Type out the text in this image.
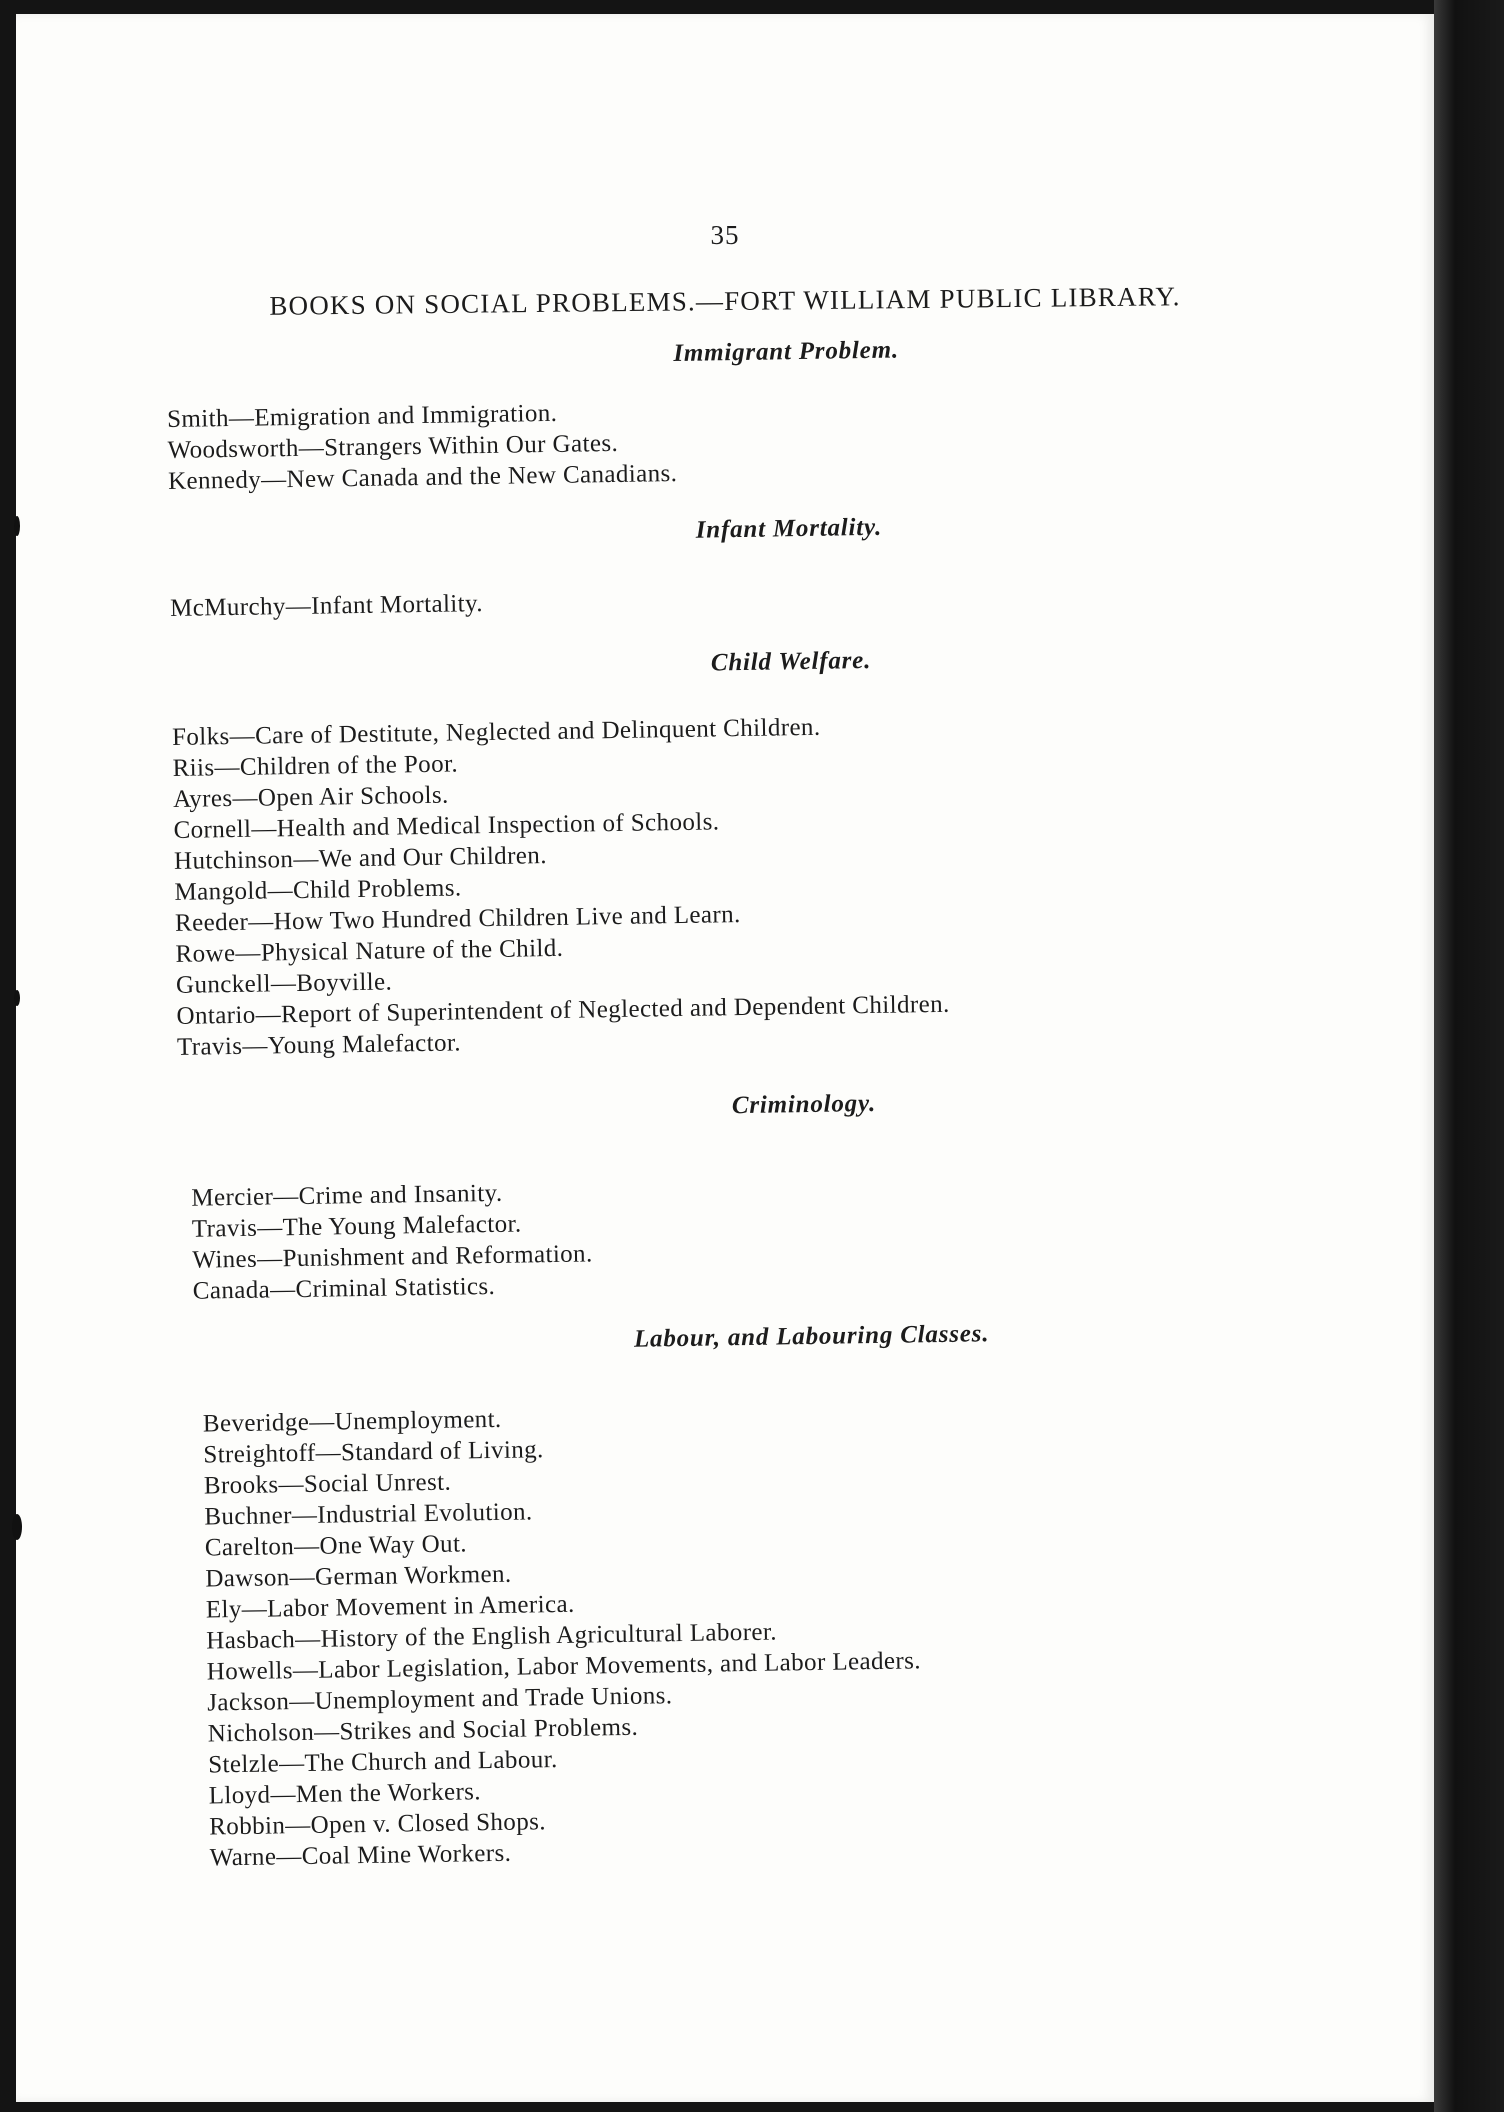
35
BOOKS ON SOCIAL PROBLEMS.—FORT WILLIAM PUBLIC LIBRARY.
Immigrant Problem.
Smith—Emigration and Immigration.
Woodsworth—Strangers Within Our Gates.
Kennedy—New Canada and the New Canadians.
Infant Mortality.
McMurchy—Infant Mortality.
Child Welfare.
Folks—Care of Destitute, Neglected and Delinquent Children.
Riis—Children of the Poor.
Ayres—Open Air Schools.
Cornell—Health and Medical Inspection of Schools.
Hutchinson—We and Our Children.
Mangold—Child Problems.
Reeder—How Two Hundred Children Live and Learn.
Rowe—Physical Nature of the Child.
Gunckell—Boyville.
Ontario—Report of Superintendent of Neglected and Dependent Children.
Travis—Young Malefactor.
Criminology.
Mercier—Crime and Insanity.
Travis—The Young Malefactor.
Wines—Punishment and Reformation.
Canada—Criminal Statistics.
Labour, and Labouring Classes.
Beveridge—Unemployment.
Streightoff—Standard of Living.
Brooks—Social Unrest.
Buchner—Industrial Evolution.
Carelton—One Way Out.
Dawson—German Workmen.
Ely—Labor Movement in America.
Hasbach—History of the English Agricultural Laborer.
Howells—Labor Legislation, Labor Movements, and Labor Leaders.
Jackson—Unemployment and Trade Unions.
Nicholson—Strikes and Social Problems.
Stelzle—The Church and Labour.
Lloyd—Men the Workers.
Robbin—Open v. Closed Shops.
Warne—Coal Mine Workers.
